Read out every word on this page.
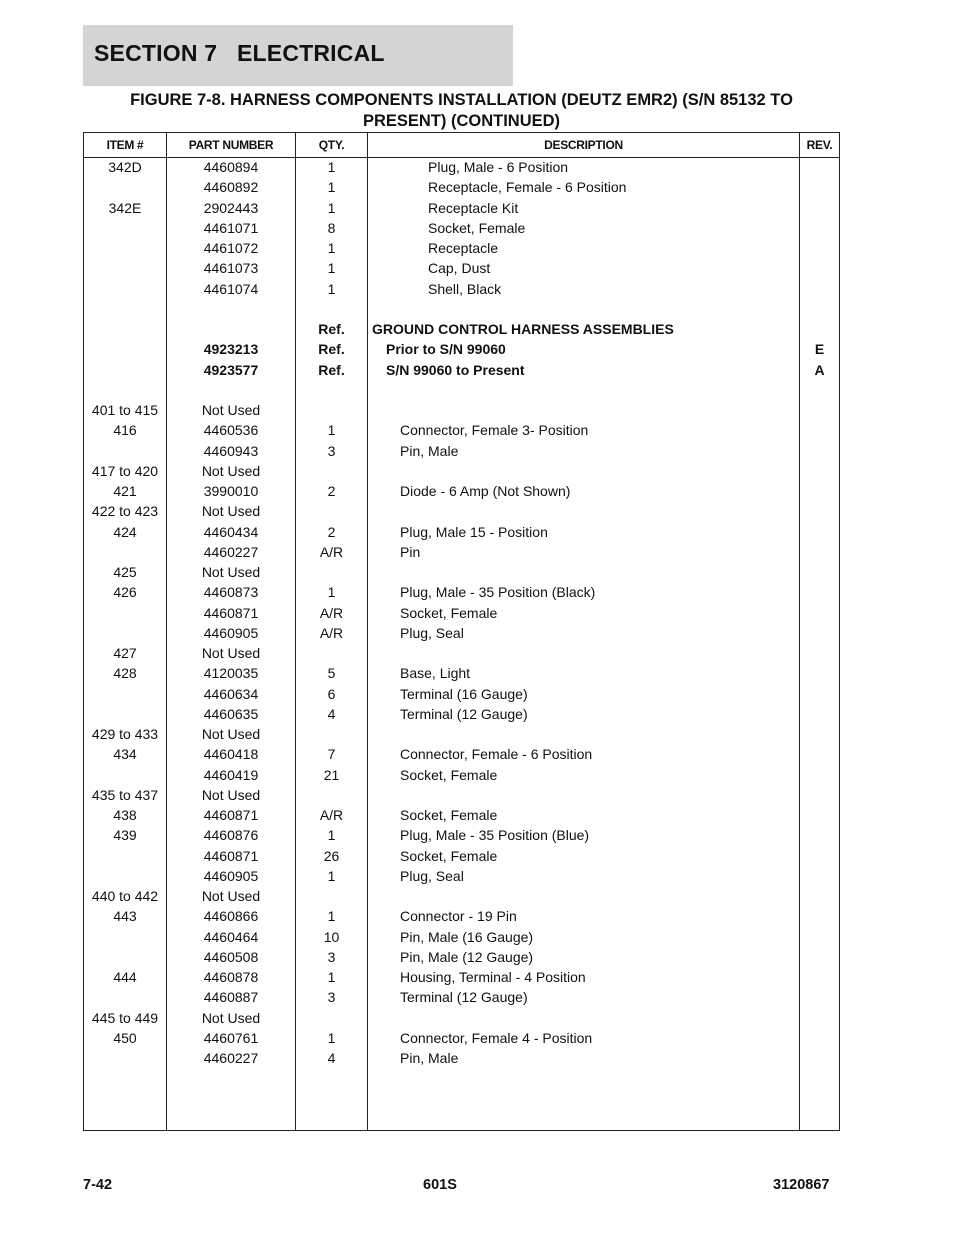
SECTION 7   ELECTRICAL
FIGURE 7-8. HARNESS COMPONENTS INSTALLATION (DEUTZ EMR2) (S/N 85132 TO
PRESENT) (CONTINUED)
ITEM #	PART NUMBER	QTY.	DESCRIPTION	REV.
342D	4460894	1	Plug, Male - 6 Position
4460892	1	Receptacle, Female - 6 Position
342E	2902443	1	Receptacle Kit
4461071	8	Socket, Female
4461072	1	Receptacle
4461073	1	Cap, Dust
4461074	1	Shell, Black
Ref.	GROUND CONTROL HARNESS ASSEMBLIES
4923213	Ref.	Prior to S/N 99060	E
4923577	Ref.	S/N 99060 to Present	A
401 to 415	Not Used
416	4460536	1	Connector, Female 3- Position
4460943	3	Pin, Male
417 to 420	Not Used
421	3990010	2	Diode - 6 Amp (Not Shown)
422 to 423	Not Used
424	4460434	2	Plug, Male 15 - Position
4460227	A/R	Pin
425	Not Used
426	4460873	1	Plug, Male - 35 Position (Black)
4460871	A/R	Socket, Female
4460905	A/R	Plug, Seal
427	Not Used
428	4120035	5	Base, Light
4460634	6	Terminal (16 Gauge)
4460635	4	Terminal (12 Gauge)
429 to 433	Not Used
434	4460418	7	Connector, Female - 6 Position
4460419	21	Socket, Female
435 to 437	Not Used
438	4460871	A/R	Socket, Female
439	4460876	1	Plug, Male - 35 Position (Blue)
4460871	26	Socket, Female
4460905	1	Plug, Seal
440 to 442	Not Used
443	4460866	1	Connector - 19 Pin
4460464	10	Pin, Male (16 Gauge)
4460508	3	Pin, Male (12 Gauge)
444	4460878	1	Housing, Terminal - 4 Position
4460887	3	Terminal (12 Gauge)
445 to 449	Not Used
450	4460761	1	Connector, Female 4 - Position
4460227	4	Pin, Male
7-42	601S	3120867
